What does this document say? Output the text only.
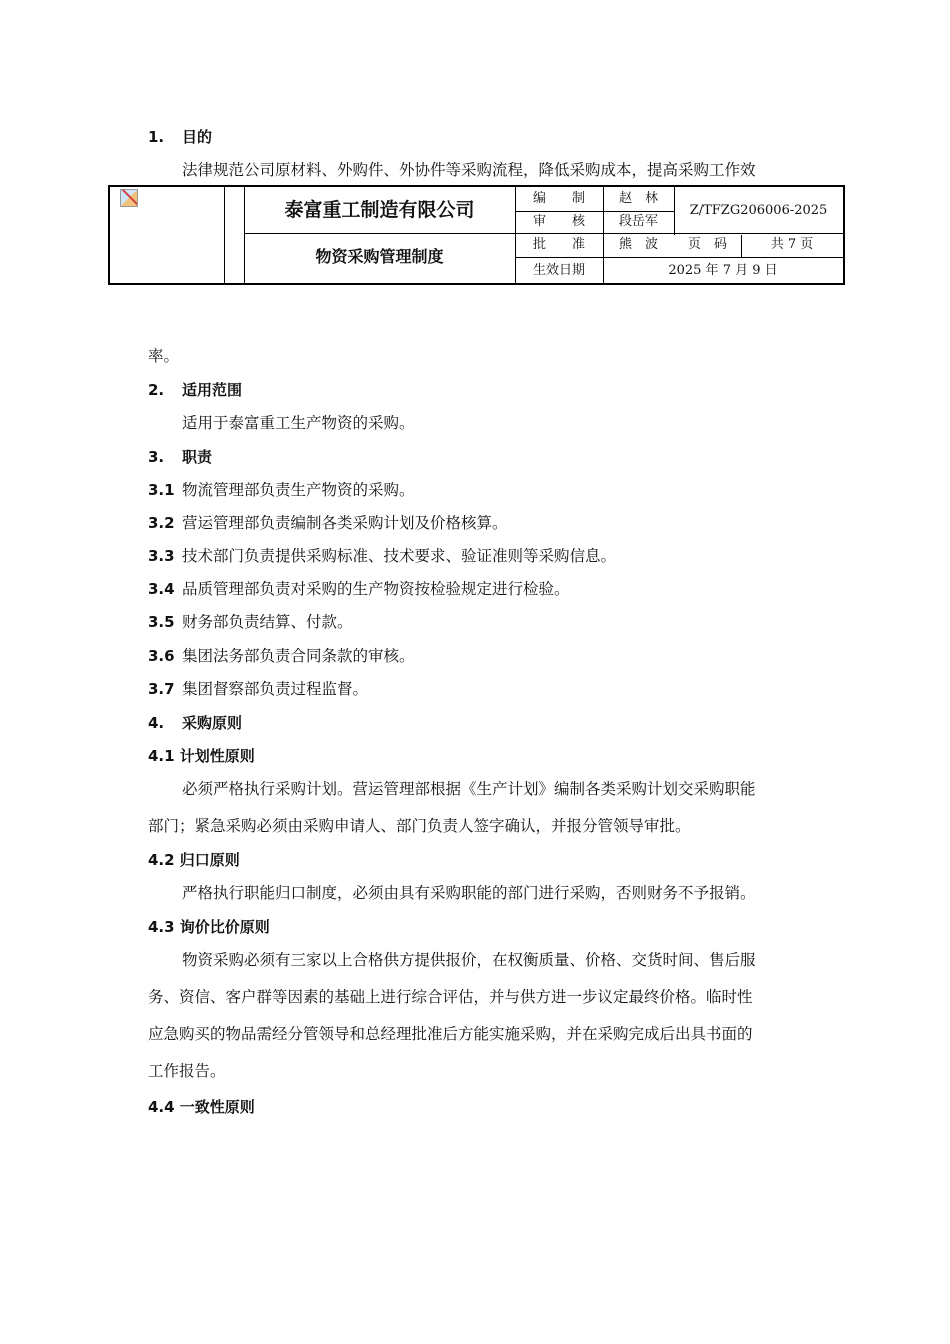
1. 目的
法律规范公司原材料、外购件、外协件等采购流程，降低采购成本，提高采购工作效
泰富重工制造有限公司
物资采购管理制度
编　　制
审　　核
批　　准
生效日期
赵　林
段岳军
熊　波
Z/TFZG206006-2025
页　码	共 7 页
2025 年 7 月 9 日
率。
2. 适用范围
适用于泰富重工生产物资的采购。
3. 职责
3.1 物流管理部负责生产物资的采购。
3.2 营运管理部负责编制各类采购计划及价格核算。
3.3 技术部门负责提供采购标准、技术要求、验证准则等采购信息。
3.4 品质管理部负责对采购的生产物资按检验规定进行检验。
3.5 财务部负责结算、付款。
3.6 集团法务部负责合同条款的审核。
3.7 集团督察部负责过程监督。
4. 采购原则
4.1 计划性原则
必须严格执行采购计划。营运管理部根据《生产计划》编制各类采购计划交采购职能
部门；紧急采购必须由采购申请人、部门负责人签字确认，并报分管领导审批。
4.2 归口原则
严格执行职能归口制度，必须由具有采购职能的部门进行采购，否则财务不予报销。
4.3 询价比价原则
物资采购必须有三家以上合格供方提供报价，在权衡质量、价格、交货时间、售后服
务、资信、客户群等因素的基础上进行综合评估，并与供方进一步议定最终价格。临时性
应急购买的物品需经分管领导和总经理批准后方能实施采购，并在采购完成后出具书面的
工作报告。
4.4 一致性原则
